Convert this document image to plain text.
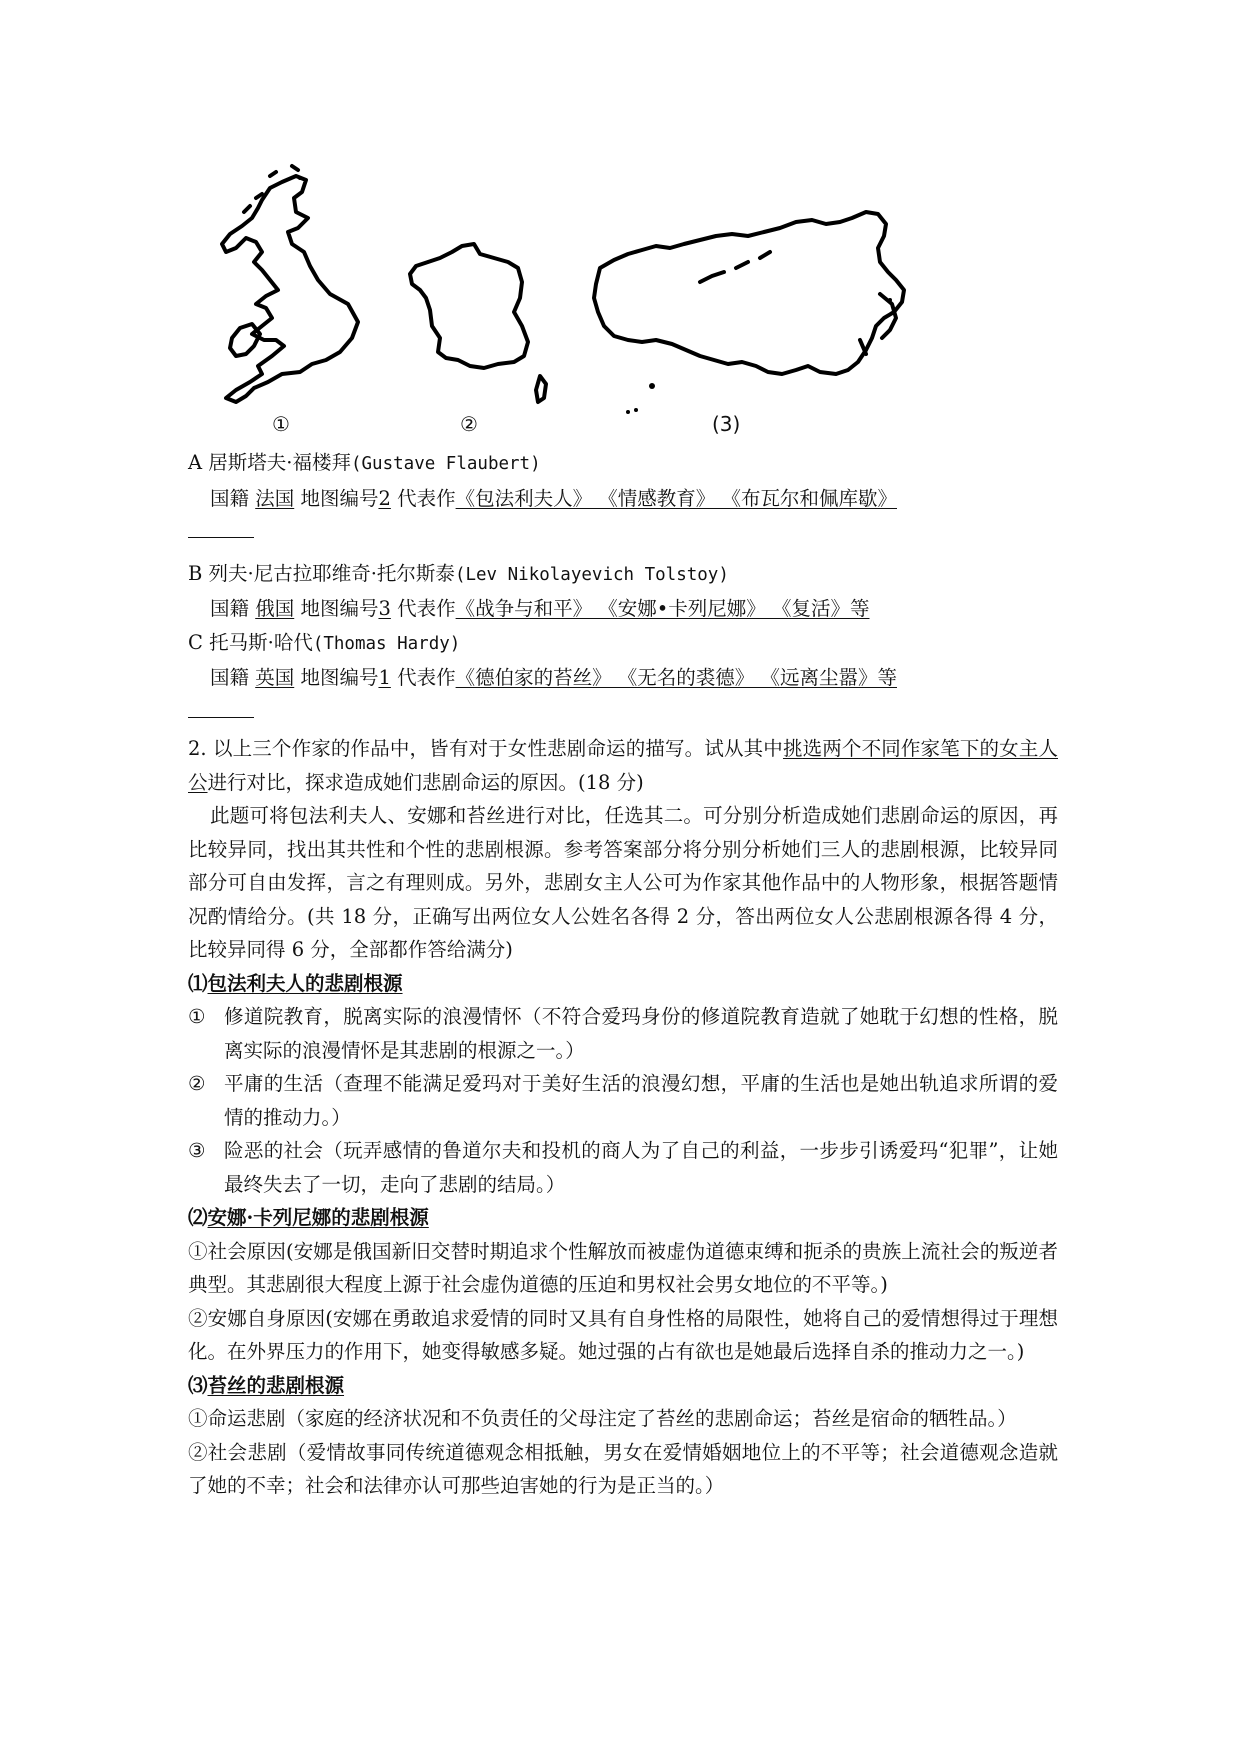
①	②	(3)
A 居斯塔夫·福楼拜(Gustave Flaubert)
国籍 法国 地图编号2 代表作《包法利夫人》 《情感教育》 《布瓦尔和佩库歇》
B 列夫·尼古拉耶维奇·托尔斯泰(Lev Nikolayevich Tolstoy)
国籍 俄国 地图编号3 代表作《战争与和平》 《安娜•卡列尼娜》 《复活》等
C 托马斯·哈代(Thomas Hardy)
国籍 英国 地图编号1 代表作《德伯家的苔丝》 《无名的裘德》 《远离尘嚣》等
2. 以上三个作家的作品中，皆有对于女性悲剧命运的描写。试从其中挑选两个不同作家笔下的女主人公进行对比，探求造成她们悲剧命运的原因。(18 分)
此题可将包法利夫人、安娜和苔丝进行对比，任选其二。可分别分析造成她们悲剧命运的原因，再比较异同，找出其共性和个性的悲剧根源。参考答案部分将分别分析她们三人的悲剧根源，比较异同部分可自由发挥，言之有理则成。另外，悲剧女主人公可为作家其他作品中的人物形象，根据答题情况酌情给分。(共 18 分，正确写出两位女人公姓名各得 2 分，答出两位女人公悲剧根源各得 4 分，比较异同得 6 分，全部都作答给满分)
⑴包法利夫人的悲剧根源
① 修道院教育，脱离实际的浪漫情怀（不符合爱玛身份的修道院教育造就了她耽于幻想的性格，脱离实际的浪漫情怀是其悲剧的根源之一。）
② 平庸的生活（查理不能满足爱玛对于美好生活的浪漫幻想，平庸的生活也是她出轨追求所谓的爱情的推动力。）
③ 险恶的社会（玩弄感情的鲁道尔夫和投机的商人为了自己的利益，一步步引诱爱玛“犯罪”，让她最终失去了一切，走向了悲剧的结局。）
⑵安娜·卡列尼娜的悲剧根源
①社会原因(安娜是俄国新旧交替时期追求个性解放而被虚伪道德束缚和扼杀的贵族上流社会的叛逆者典型。其悲剧很大程度上源于社会虚伪道德的压迫和男权社会男女地位的不平等。)
②安娜自身原因(安娜在勇敢追求爱情的同时又具有自身性格的局限性，她将自己的爱情想得过于理想化。在外界压力的作用下，她变得敏感多疑。她过强的占有欲也是她最后选择自杀的推动力之一。)
⑶苔丝的悲剧根源
①命运悲剧（家庭的经济状况和不负责任的父母注定了苔丝的悲剧命运；苔丝是宿命的牺牲品。）
②社会悲剧（爱情故事同传统道德观念相抵触，男女在爱情婚姻地位上的不平等；社会道德观念造就了她的不幸；社会和法律亦认可那些迫害她的行为是正当的。）
